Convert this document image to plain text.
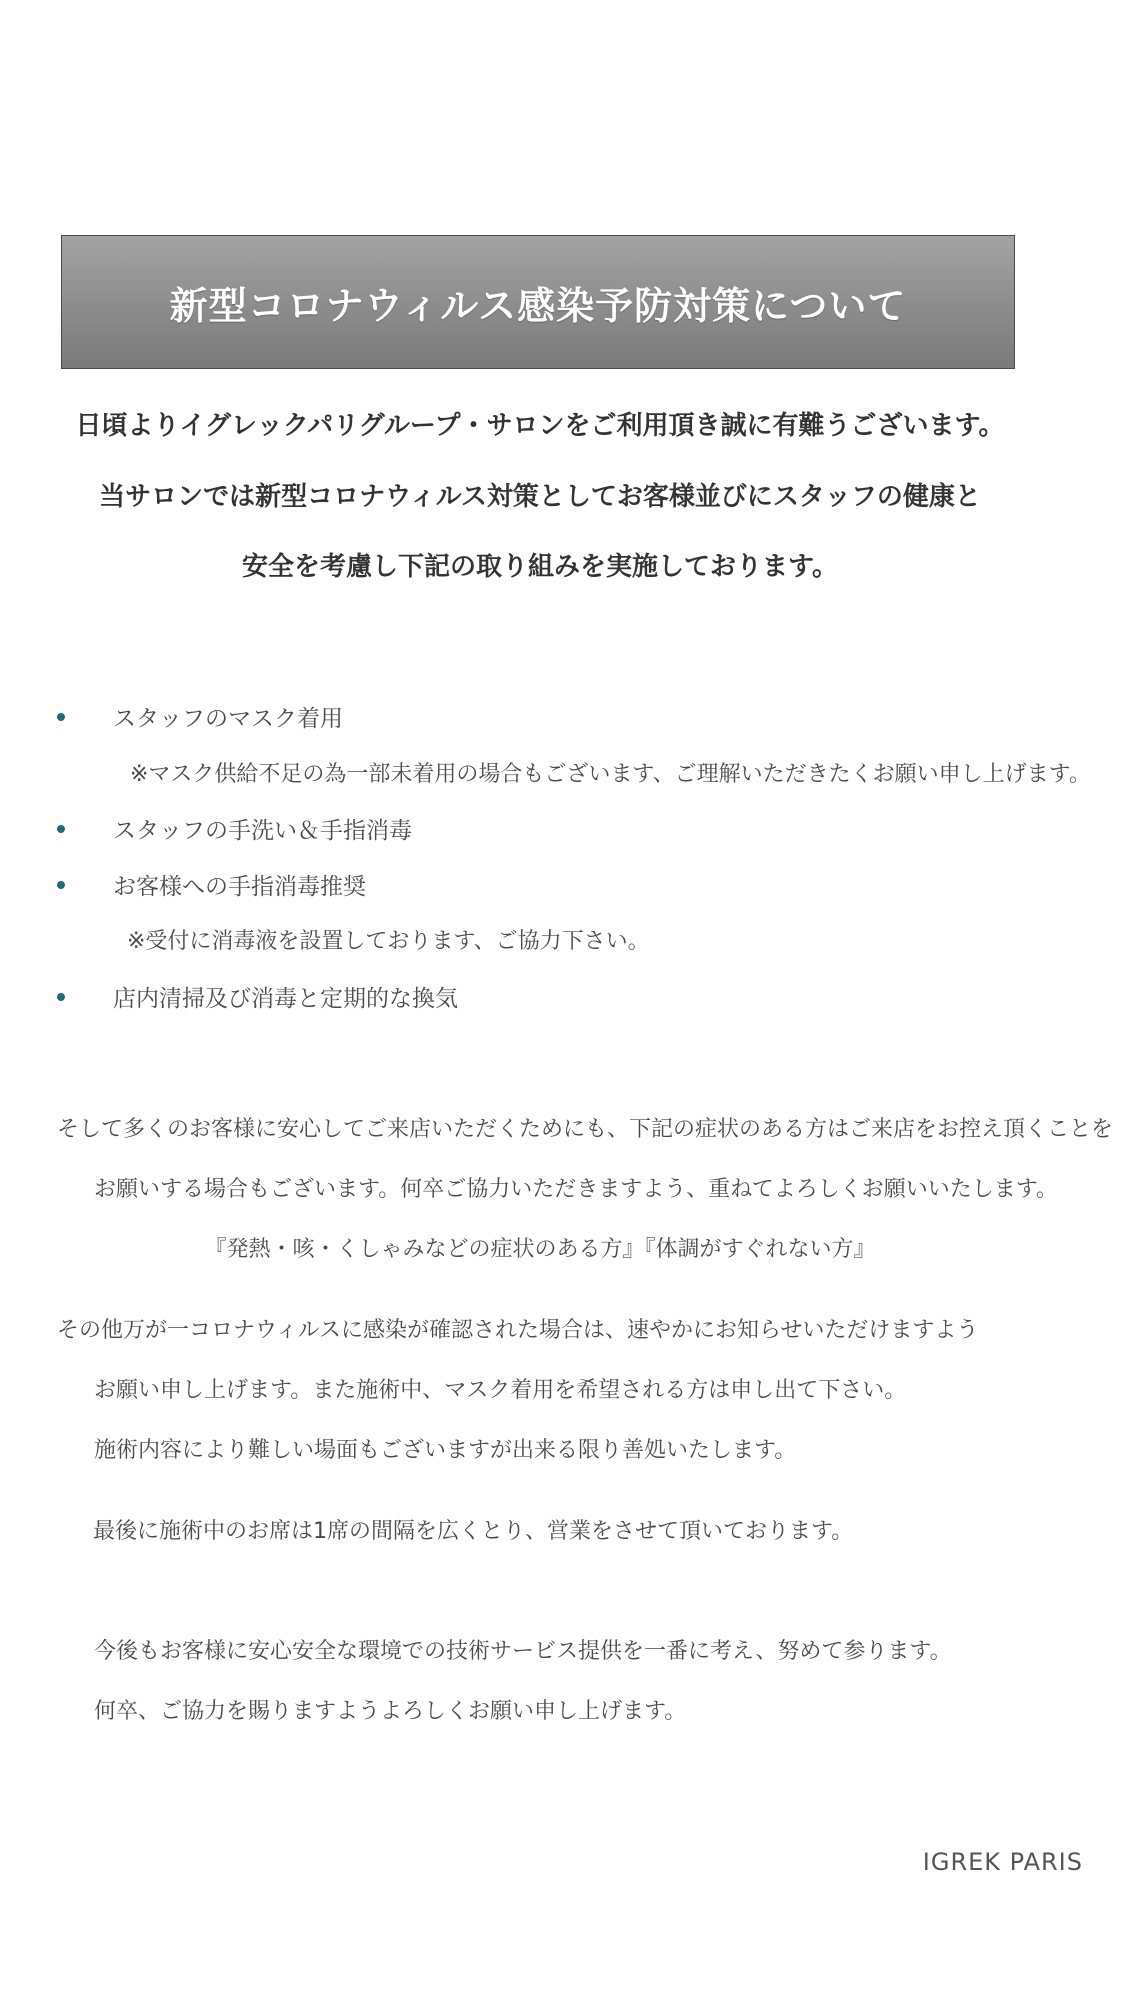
新型コロナウィルス感染予防対策について
日頃よりイグレックパリグループ・サロンをご利用頂き誠に有難うございます。
当サロンでは新型コロナウィルス対策としてお客様並びにスタッフの健康と
安全を考慮し下記の取り組みを実施しております。
スタッフのマスク着用
※マスク供給不足の為一部未着用の場合もございます、ご理解いただきたくお願い申し上げます。
スタッフの手洗い＆手指消毒
お客様への手指消毒推奨
※受付に消毒液を設置しております、ご協力下さい。
店内清掃及び消毒と定期的な換気
そして多くのお客様に安心してご来店いただくためにも、下記の症状のある方はご来店をお控え頂くことを
お願いする場合もございます。何卒ご協力いただきますよう、重ねてよろしくお願いいたします。
『発熱・咳・くしゃみなどの症状のある方』『体調がすぐれない方』
その他万が一コロナウィルスに感染が確認された場合は、速やかにお知らせいただけますよう
お願い申し上げます。また施術中、マスク着用を希望される方は申し出て下さい。
施術内容により難しい場面もございますが出来る限り善処いたします。
最後に施術中のお席は1席の間隔を広くとり、営業をさせて頂いております。
今後もお客様に安心安全な環境での技術サービス提供を一番に考え、努めて参ります。
何卒、ご協力を賜りますようよろしくお願い申し上げます。
IGREK PARIS
